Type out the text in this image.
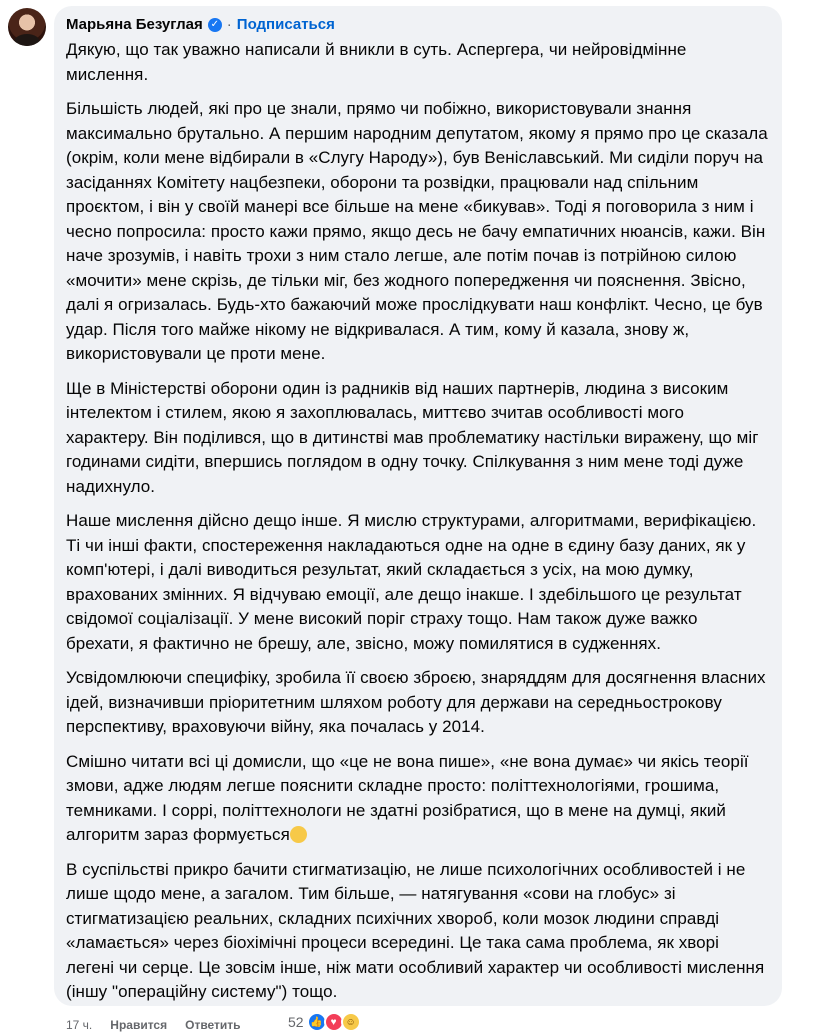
Марьяна Безуглая ✓ · Подписаться

Дякую, що так уважно написали й вникли в суть. Аспергера, чи нейровідмінне мислення.

Більшість людей, які про це знали, прямо чи побіжно, використовували знання максимально брутально. А першим народним депутатом, якому я прямо про це сказала (окрім, коли мене відбирали в «Слугу Народу»), був Веніславський. Ми сиділи поруч на засіданнях Комітету нацбезпеки, оборони та розвідки, працювали над спільним проєктом, і він у своїй манері все більше на мене «бикував». Тоді я поговорила з ним і чесно попросила: просто кажи прямо, якщо десь не бачу емпатичних нюансів, кажи. Він наче зрозумів, і навіть трохи з ним стало легше, але потім почав із потрійною силою «мочити» мене скрізь, де тільки міг, без жодного попередження чи пояснення. Звісно, далі я огризалась. Будь-хто бажаючий може прослідкувати наш конфлікт. Чесно, це був удар. Після того майже нікому не відкривалася. А тим, кому й казала, знову ж, використовували це проти мене.

Ще в Міністерстві оборони один із радників від наших партнерів, людина з високим інтелектом і стилем, якою я захоплювалась, миттєво зчитав особливості мого характеру. Він поділився, що в дитинстві мав проблематику настільки виражену, що міг годинами сидіти, впершись поглядом в одну точку. Спілкування з ним мене тоді дуже надихнуло.

Наше мислення дійсно дещо інше. Я мислю структурами, алгоритмами, верифікацією. Ті чи інші факти, спостереження накладаються одне на одне в єдину базу даних, як у комп'ютері, і далі виводиться результат, який складається з усіх, на мою думку, врахованих змінних. Я відчуваю емоції, але дещо інакше. І здебільшого це результат свідомої соціалізації. У мене високий поріг страху тощо. Нам також дуже важко брехати, я фактично не брешу, але, звісно, можу помилятися в судженнях.

Усвідомлюючи специфіку, зробила її своєю зброєю, знаряддям для досягнення власних ідей, визначивши пріоритетним шляхом роботу для держави на середньострокову перспективу, враховуючи війну, яка почалась у 2014.

Смішно читати всі ці домисли, що «це не вона пише», «не вона думає» чи якісь теорії змови, адже людям легше пояснити складне просто: політтехнологіями, грошима, темниками. І соррі, політтехнологи не здатні розібратися, що в мене на думці, який алгоритм зараз формується

В суспільстві прикро бачити стигматизацію, не лише психологічних особливостей і не лише щодо мене, а загалом. Тим більше, — натягування «сови на глобус» зі стигматизацією реальних, складних психічних хвороб, коли мозок людини справді «ламається» через біохімічні процеси всередині. Це така сама проблема, як хворі легені чи серце. Це зовсім інше, ніж мати особливий характер чи особливості мислення (іншу "операційну систему") тощо.

17 ч. Нравится Ответить	52 👍 ♥ ☺
